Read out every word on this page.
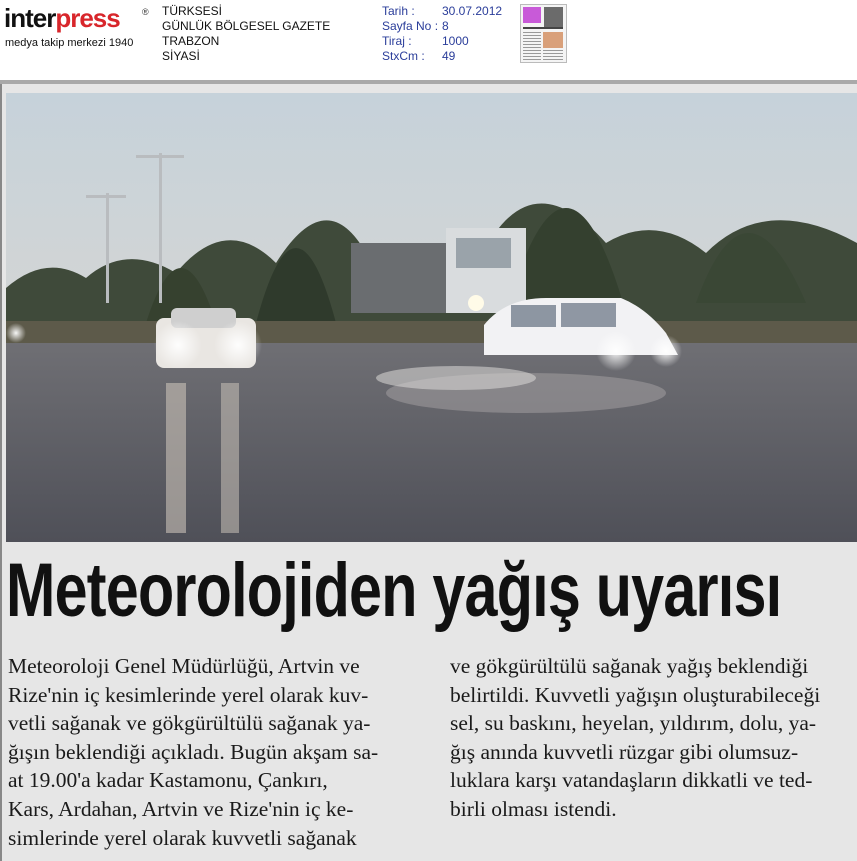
interpress ®
medya takip merkezi 1940
TÜRKSESİ
GÜNLÜK BÖLGESEL GAZETE
TRABZON
SİYASİ
Tarih : 30.07.2012
Sayfa No : 8
Tiraj :	1000
StxCm : 49
Meteorolojiden yağış uyarısı
Meteoroloji Genel Müdürlüğü, Artvin ve
Rize'nin iç kesimlerinde yerel olarak kuv-
vetli sağanak ve gökgürültülü sağanak ya-
ğışın beklendiği açıkladı. Bugün akşam sa-
at 19.00'a kadar Kastamonu, Çankırı,
Kars, Ardahan, Artvin ve Rize'nin iç ke-
simlerinde yerel olarak kuvvetli sağanak
ve gökgürültülü sağanak yağış beklendiği
belirtildi. Kuvvetli yağışın oluşturabileceği
sel, su baskını, heyelan, yıldırım, dolu, ya-
ğış anında kuvvetli rüzgar gibi olumsuz-
luklara karşı vatandaşların dikkatli ve ted-
birli olması istendi.
